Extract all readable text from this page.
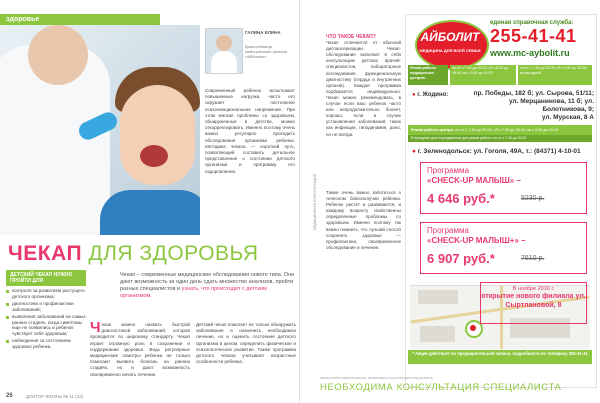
здоровье
ГАЛИНА ЕЛИНА
Врач-педиатр медицинского центра «Айболит»
Современный ребенок испытывает повышенные нагрузки, часто его окружает постоянное психоэмоциональное напряжение. При этом многие проблемы со здоровьем, обнаруженные в детстве, можно откорректировать. Именно поэтому очень важно регулярно проходить обследование организма ребенка. Методика чекапа — короткий путь, позволяющий составить детальное представление о состоянии детского организма и программу его оздоровления.
ЧЕКАП ДЛЯ ЗДОРОВЬЯ
Чекап – современные медицинские обследования нового типа. Они дают возможность за один день сдать множество анализов, пройти разных специалистов и узнать, что происходит с детским организмом.
ДЕТСКИЙ ЧЕКАП НУЖНО ПРОЙТИ ДЛЯ
контроля за развитием растущего детского организма;
диагностики и профилактики заболеваний;
выявления заболеваний на самых ранних стадиях, когда симптомы еще не появились и ребенок чувствует себя здоровым;
наблюдения за состоянием здоровья ребенка.
Чекап можно назвать быстрой диагностикой заболеваний, которая проводится по широкому стандарту. Чекап играет огромную роль в сохранении и поддержании здоровья. Ведь регулярные медицинские осмотры ребенка не только помогают выявить болезнь на ранних стадиях, но и дают возможность своевременно начать лечение.
Детский чекап помогает не только обнаружить заболевания и назначить необходимое лечение, но и оценить состояние детского организма в целом, определить физическое и психологическое развитие. Также программа детского чекапа учитывает возрастные особенности ребенка.
26	ДОКТОР-ЖИЗНЬ № 11 (42)
ЧТО ТАКОЕ ЧЕКАП?
Чекап отличается от обычной диспансеризации. Чекап-обследование включает в себя консультацию детских врачей-специалистов, лабораторные исследования, функциональную диагностику (сердца и внутренних органов). Каждая программа подбирается индивидуально. Чекап можно рекомендовать, в случае если ваш ребенок часто или непродолжительно болеет, хорошо, если в случае установления заболеваний, таких как инфекции, гиподинамия, рано, но не всегда.
Также очень важно заботиться о телесном благополучии ребенка. Ребенок растет и развивается, и каждому возрасту свойственны определенные проблемы со здоровьем. Именно поэтому так важно помнить, что лучший способ сохранить здоровье — профилактика, своевременное обследование и лечение.
МЕДИЦИНСКАЯ КОНСУЛЬТАЦИЯ
АЙБОЛИТ
МЕДИЦИНА ДЛЯ ВСЕЙ СЕМЬИ
единая справочная служба:
255-41-41
www.mc-aybolit.ru
Режим работы медицинских центров:
пн-пт с 7.30 до 20.00; сб с 8.00 до 18.00; вс с 9.00 до 15.00
пн-пт с 7.30 до 20.00; сб с 9.00 до 15.00; вс выходной
● г. Жодино:	пр. Победы, 182 б; ул. Сырова, 51/11;
ул. Мерцанинова, 11 б; ул. Болотникова, 9;
ул. Мурская, 8 А
Режим работы центра: пн-пт с 7.30 до 20.00; сб с 7.30 до 18.00; вс с 8.00 до 15.00
В выходные дни и праздничные дни режим работы: пн-пт с 7.30 до 20.00
● г. Зеленодольск: ул. Гоголя, 49А, т.: (84371) 4-10-01
Программа
«CHECK-UP МАЛЫШ» –
4 646 руб.*	5230 р.
Программа
«CHECK-UP МАЛЫШ+» –
6 907 руб.*	7610 р.
В ноябре 2016 г.
открытие нового филиала ул. Сыртлановой, 8
* Акция действует по предварительной записи, подробности по телефону 255-41-41
ИМЕЮТСЯ ПРОТИВОПОКАЗАНИЯ. НЕОБХОДИМА КОНСУЛЬТАЦИЯ СПЕЦИАЛИСТА
НЕОБХОДИМА КОНСУЛЬТАЦИЯ СПЕЦИАЛИСТА
